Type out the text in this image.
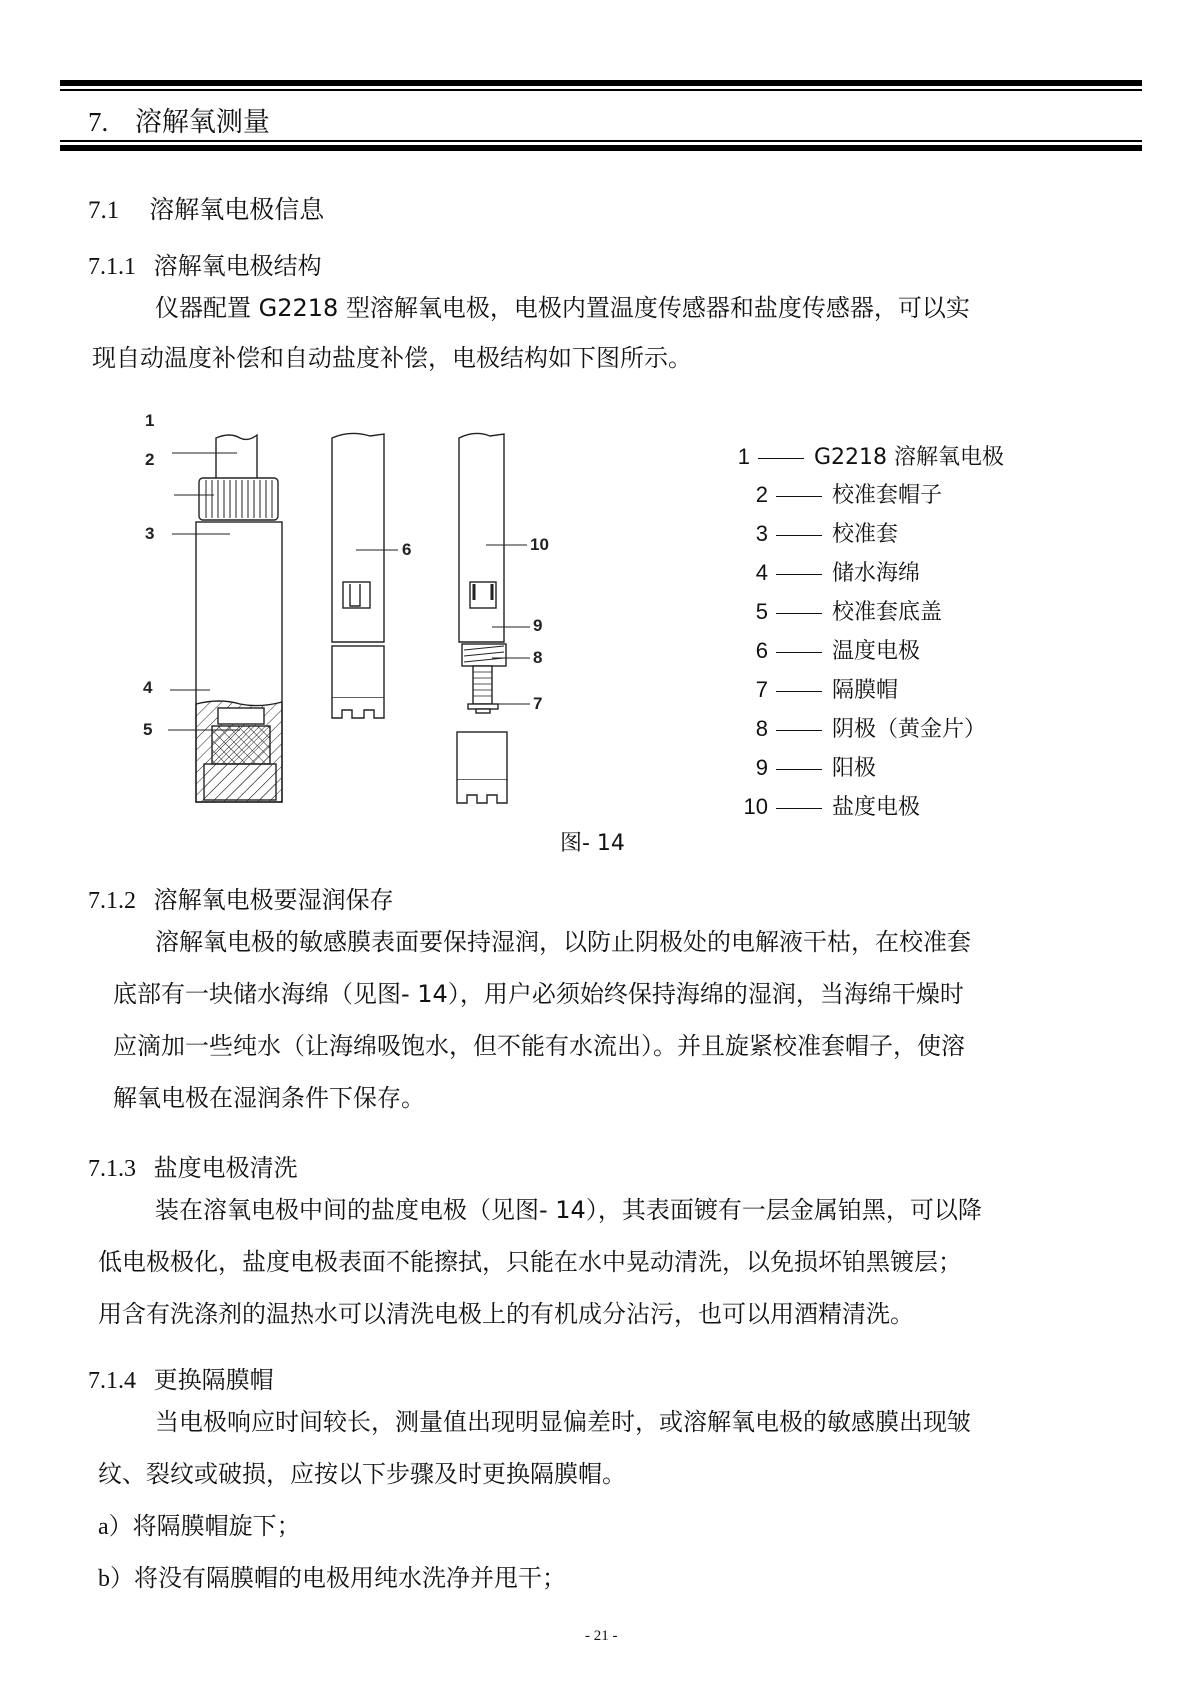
7. 溶解氧测量
7.1 溶解氧电极信息
7.1.1 溶解氧电极结构
仪器配置 G2218 型溶解氧电极，电极内置温度传感器和盐度传感器，可以实
现自动温度补偿和自动盐度补偿，电极结构如下图所示。
1
2
3
4
5
6
7
8
9
10
1	G2218 溶解氧电极
2	校准套帽子
3	校准套
4	储水海绵
5	校准套底盖
6	温度电极
7	隔膜帽
8	阴极（黄金片）
9	阳极
10	盐度电极
图- 14
7.1.2 溶解氧电极要湿润保存
溶解氧电极的敏感膜表面要保持湿润，以防止阴极处的电解液干枯，在校准套
底部有一块储水海绵（见图- 14），用户必须始终保持海绵的湿润，当海绵干燥时
应滴加一些纯水（让海绵吸饱水，但不能有水流出）。并且旋紧校准套帽子，使溶
解氧电极在湿润条件下保存。
7.1.3 盐度电极清洗
装在溶氧电极中间的盐度电极（见图- 14），其表面镀有一层金属铂黑，可以降
低电极极化，盐度电极表面不能擦拭，只能在水中晃动清洗，以免损坏铂黑镀层；
用含有洗涤剂的温热水可以清洗电极上的有机成分沾污，也可以用酒精清洗。
7.1.4 更换隔膜帽
当电极响应时间较长，测量值出现明显偏差时，或溶解氧电极的敏感膜出现皱
纹、裂纹或破损，应按以下步骤及时更换隔膜帽。
a）将隔膜帽旋下；
b）将没有隔膜帽的电极用纯水洗净并甩干；
- 21 -
